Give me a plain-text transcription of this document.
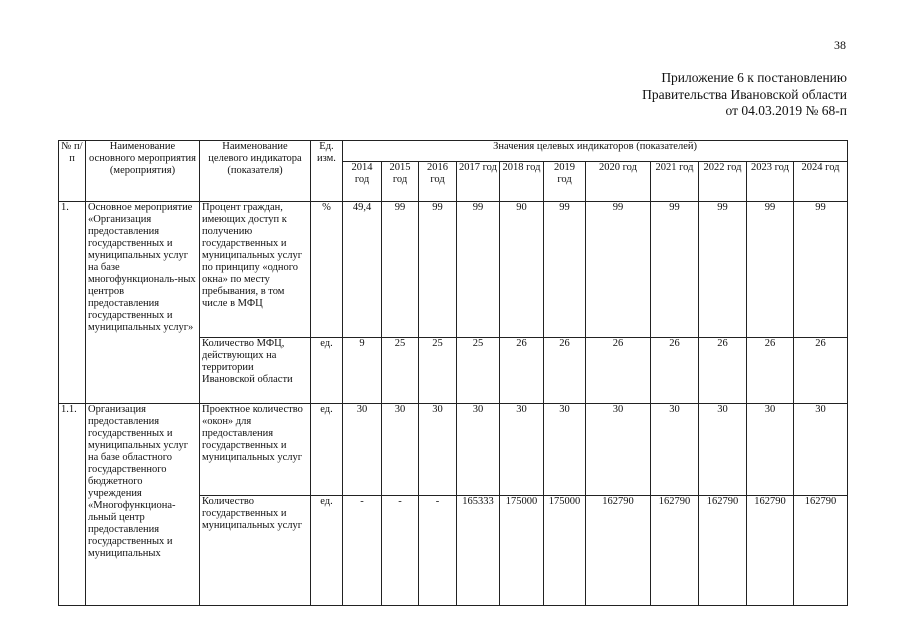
38
Приложение 6 к постановлению
Правительства Ивановской области
от 04.03.2019 № 68-п
№ п/п	Наименование основного мероприятия (мероприятия)	Наименование целевого индикатора (показателя)	Ед. изм.	Значения целевых индикаторов (показателей)										
				2014 год	2015 год	2016 год	2017 год	2018 год	2019 год	2020 год	2021 год	2022 год	2023 год	2024 год
1.	Основное мероприятие «Организация предоставления государственных и муниципальных услуг на базе многофункциональ-ных центров предоставления государственных и муниципальных услуг»	Процент граждан, имеющих доступ к получению государственных и муниципальных услуг по принципу «одного окна» по месту пребывания, в том числе в МФЦ	%	49,4	99	99	99	90	99	99	99	99	99	99
		Количество МФЦ, действующих на территории Ивановской области	ед.	9	25	25	25	26	26	26	26	26	26	26
1.1.	Организация предоставления государственных и муниципальных услуг на базе областного государственного бюджетного учреждения «Многофункциона-льный центр предоставления государственных и муниципальных	Проектное количество «окон» для предоставления государственных и муниципальных услуг	ед.	30	30	30	30	30	30	30	30	30	30	30
		Количество государственных и муниципальных услуг	ед.	-	-	-	165333	175000	175000	162790	162790	162790	162790	162790
